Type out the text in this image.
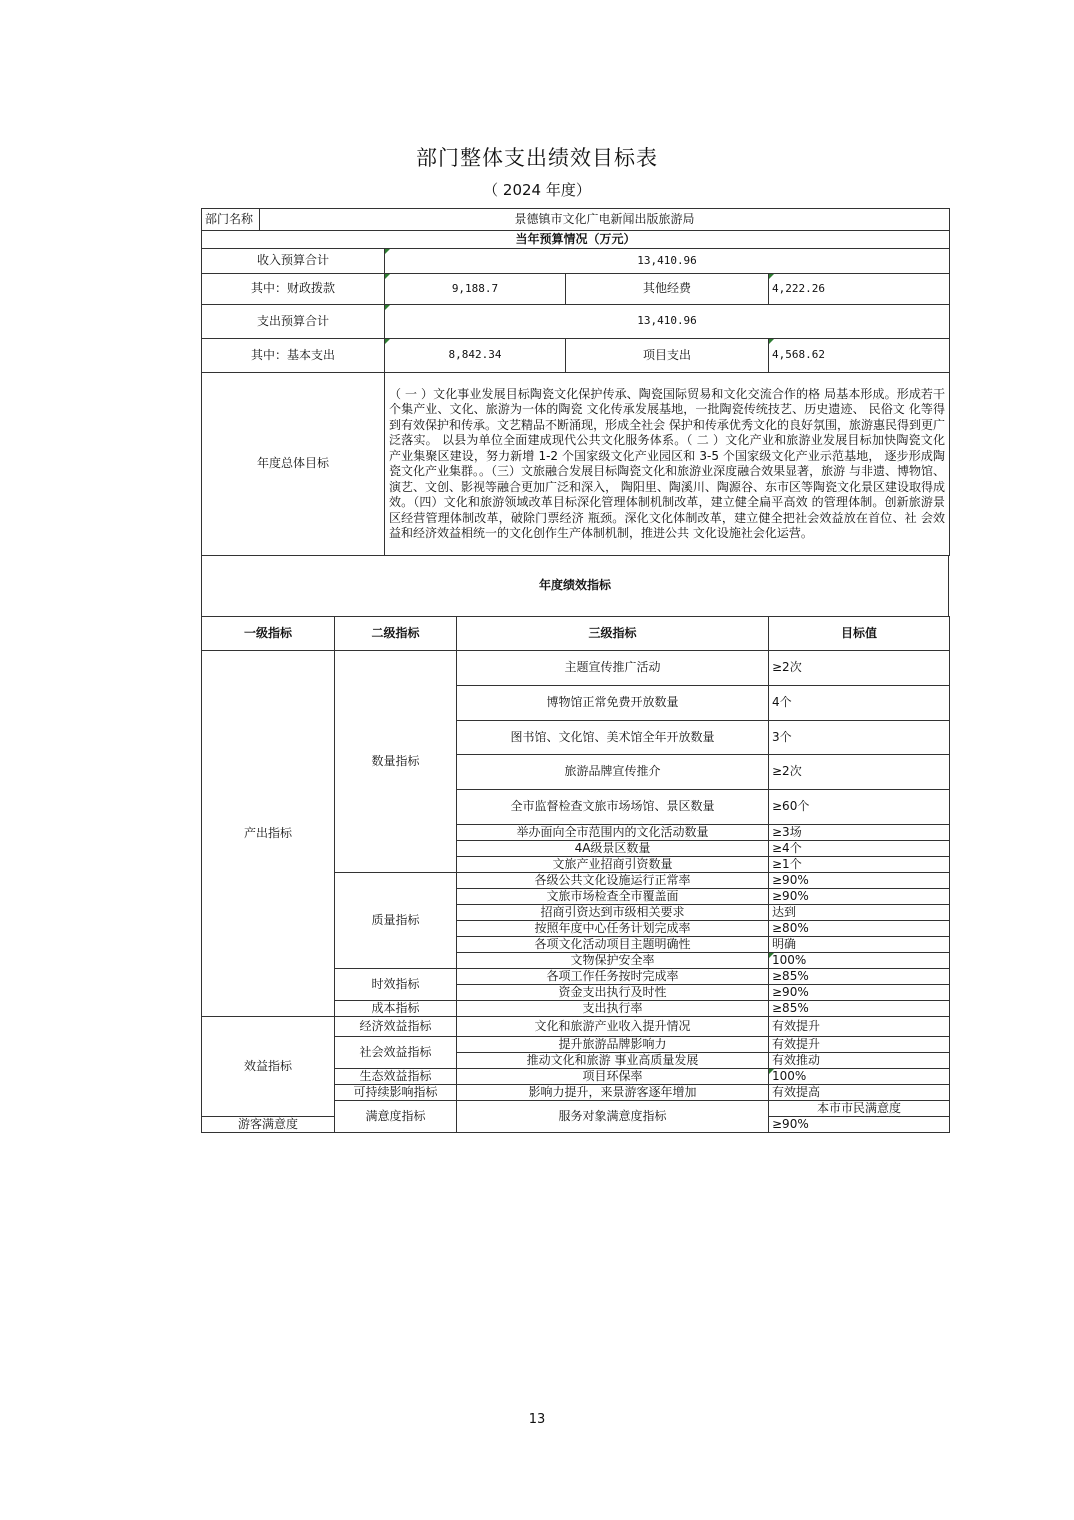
部门整体支出绩效目标表
（ 2024 年度）
部门名称	景德镇市文化广电新闻出版旅游局			
当年预算情况（万元）				
收入预算合计		13,410.96		
其中：财政拨款		9,188.7	其他经费	4,222.26
支出预算合计		13,410.96		
其中：基本支出		8,842.34	项目支出	4,568.62
年度总体目标		（ 一 ）文化事业发展目标陶瓷文化保护传承、陶瓷国际贸易和文化交流合作的格 局基本形成。形成若干个集产业、文化、旅游为一体的陶瓷 文化传承发展基地，一批陶瓷传统技艺、历史遗迹、 民俗文 化等得到有效保护和传承。文艺精品不断涌现，形成全社会 保护和传承优秀文化的良好氛围，旅游惠民得到更广泛落实。 以县为单位全面建成现代公共文化服务体系。（ 二 ）文化产业和旅游业发展目标加快陶瓷文化产业集聚区建设，努力新增 1-2 个国家级文化产业园区和 3-5 个国家级文化产业示范基地， 逐步形成陶瓷文化产业集群。。（三）文旅融合发展目标陶瓷文化和旅游业深度融合效果显著，旅游 与非遗、博物馆、演艺、文创、影视等融合更加广泛和深入， 陶阳里、陶溪川、陶源谷、东市区等陶瓷文化景区建设取得成效。（四）文化和旅游领域改革目标深化管理体制机制改革，建立健全扁平高效 的管理体制。创新旅游景区经营管理体制改革，破除门票经济 瓶颈。深化文化体制改革，建立健全把社会效益放在首位、社 会效益和经济效益相统一的文化创作生产体制机制，推进公共 文化设施社会化运营。		
年度绩效指标
一级指标	二级指标	三级指标	目标值	
产出指标	数量指标	主题宣传推广活动	≥2次	
		博物馆正常免费开放数量	4个	
		图书馆、文化馆、美术馆全年开放数量	3个	
		旅游品牌宣传推介	≥2次	
		全市监督检查文旅市场场馆、景区数量	≥60个	
		举办面向全市范围内的文化活动数量	≥3场	
		4A级景区数量	≥4个	
		文旅产业招商引资数量	≥1个	
	质量指标	各级公共文化设施运行正常率	≥90%	
		文旅市场检查全市覆盖面	≥90%	
		招商引资达到市级相关要求	达到	
		按照年度中心任务计划完成率	≥80%	
		各项文化活动项目主题明确性	明确	
		文物保护安全率	100%	
	时效指标	各项工作任务按时完成率	≥85%	
		资金支出执行及时性	≥90%	
	成本指标	支出执行率	≥85%	
效益指标	经济效益指标	文化和旅游产业收入提升情况	有效提升	
	社会效益指标	提升旅游品牌影响力	有效提升	
		推动文化和旅游 事业高质量发展	有效推动	
	生态效益指标	项目环保率	100%	
	可持续影响指标	影响力提升，来景游客逐年增加	有效提高	
	满意度指标	服务对象满意度指标	本市市民满意度	
游客满意度			≥90%	
13
